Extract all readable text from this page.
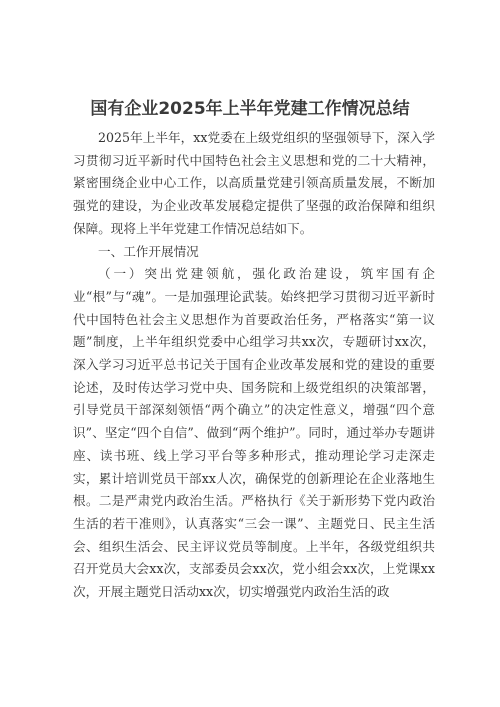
国有企业2025年上半年党建工作情况总结

2025年上半年，xx党委在上级党组织的坚强领导下，深入学习贯彻习近平新时代中国特色社会主义思想和党的二十大精神，紧密围绕企业中心工作，以高质量党建引领高质量发展，不断加强党的建设，为企业改革发展稳定提供了坚强的政治保障和组织保障。现将上半年党建工作情况总结如下。

一、工作开展情况

（一）突出党建领航，强化政治建设，筑牢国有企业“根”与“魂”。一是加强理论武装。始终把学习贯彻习近平新时代中国特色社会主义思想作为首要政治任务，严格落实“第一议题”制度，上半年组织党委中心组学习共xx次，专题研讨xx次，深入学习习近平总书记关于国有企业改革发展和党的建设的重要论述，及时传达学习党中央、国务院和上级党组织的决策部署，引导党员干部深刻领悟“两个确立”的决定性意义，增强“四个意识”、坚定“四个自信”、做到“两个维护”。同时，通过举办专题讲座、读书班、线上学习平台等多种形式，推动理论学习走深走实，累计培训党员干部xx人次，确保党的创新理论在企业落地生根。二是严肃党内政治生活。严格执行《关于新形势下党内政治生活的若干准则》，认真落实“三会一课”、主题党日、民主生活会、组织生活会、民主评议党员等制度。上半年，各级党组织共召开党员大会xx次，支部委员会xx次，党小组会xx次，上党课xx次，开展主题党日活动xx次，切实增强党内政治生活的政
